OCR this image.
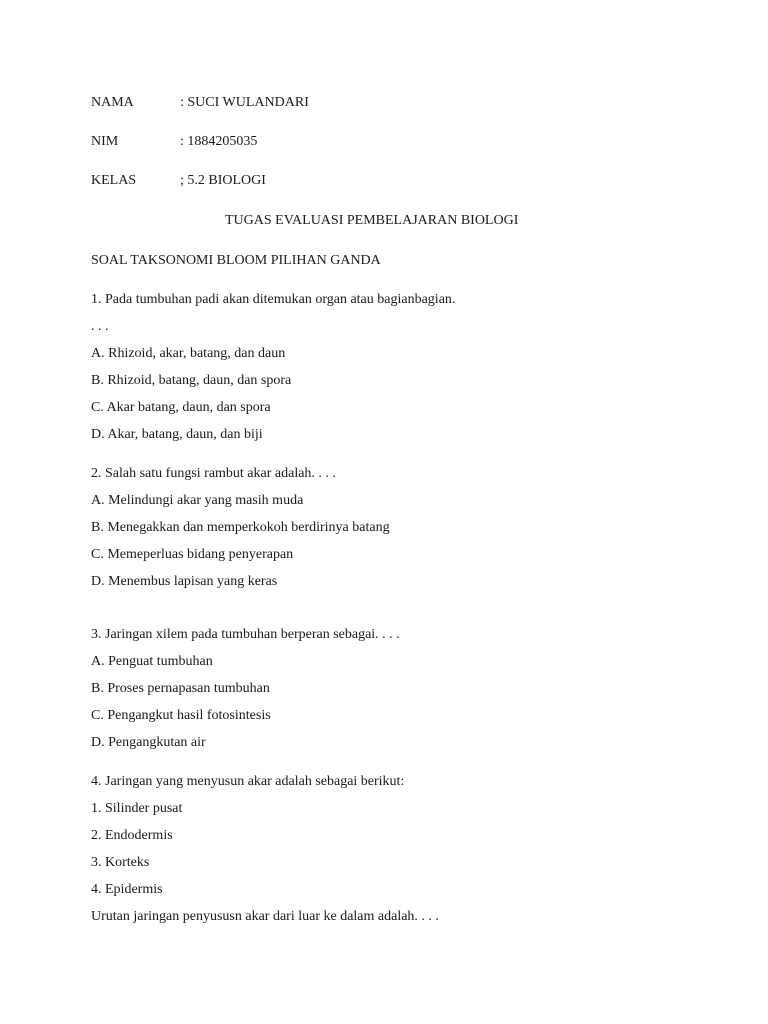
NAMA	: SUCI WULANDARI
NIM	: 1884205035
KELAS	; 5.2 BIOLOGI
TUGAS EVALUASI PEMBELAJARAN BIOLOGI
SOAL TAKSONOMI BLOOM PILIHAN GANDA
1. Pada tumbuhan padi akan ditemukan organ atau bagianbagian.
. . .
A. Rhizoid, akar, batang, dan daun
B. Rhizoid, batang, daun, dan spora
C. Akar batang, daun, dan spora
D. Akar, batang, daun, dan biji
2. Salah satu fungsi rambut akar adalah. . . .
A. Melindungi akar yang masih muda
B. Menegakkan dan memperkokoh berdirinya batang
C. Memeperluas bidang penyerapan
D. Menembus lapisan yang keras
3. Jaringan xilem pada tumbuhan berperan sebagai. . . .
A. Penguat tumbuhan
B. Proses pernapasan tumbuhan
C. Pengangkut hasil fotosintesis
D. Pengangkutan air
4. Jaringan yang menyusun akar adalah sebagai berikut:
1. Silinder pusat
2. Endodermis
3. Korteks
4. Epidermis
Urutan jaringan penyususn akar dari luar ke dalam adalah. . . .
